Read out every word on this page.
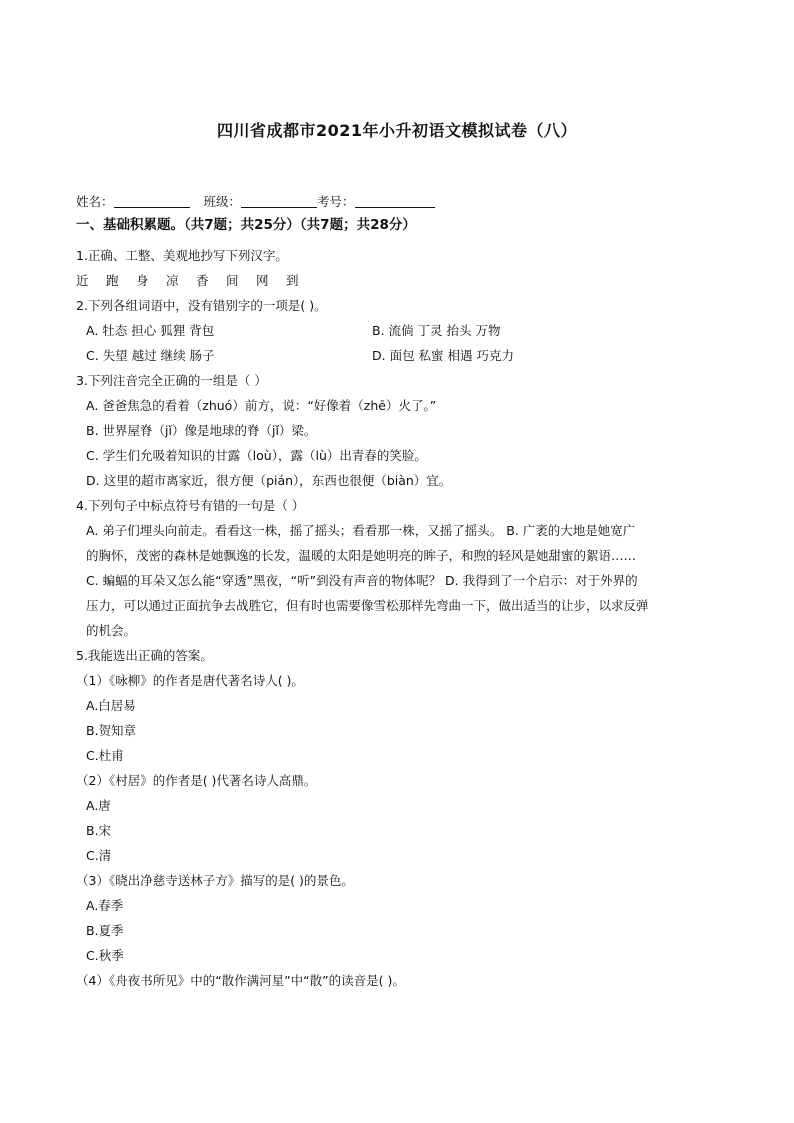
四川省成都市2021年小升初语文模拟试卷（八）
姓名：	班级：	考号：
一、基础积累题。（共7题；共25分）（共7题；共28分）
1.正确、工整、美观地抄写下列汉字。
近 跑 身 凉 香 间 网 到
2.下列各组词语中，没有错别字的一项是( )。
A. 牡态 担心 狐狸 背包	B. 流倘 丁灵 抬头 万物
C. 失望 越过 继续 肠子	D. 面包 私蜜 相遇 巧克力
3.下列注音完全正确的一组是（ ）
A. 爸爸焦急的看着（zhuó）前方，说：“好像着（zhē）火了。”
B. 世界屋脊（jǐ）像是地球的脊（jǐ）梁。
C. 学生们允吸着知识的甘露（loù），露（lù）出青春的笑脸。
D. 这里的超市离家近，很方便（pián），东西也很便（biàn）宜。
4.下列句子中标点符号有错的一句是（ ）
A. 弟子们埋头向前走。看看这一株，摇了摇头；看看那一株，又摇了摇头。 B. 广袤的大地是她宽广
的胸怀，茂密的森林是她飘逸的长发，温暖的太阳是她明亮的眸子，和煦的轻风是她甜蜜的絮语……
C. 蝙蝠的耳朵又怎么能“穿透”黑夜，“听”到没有声音的物体呢？ D. 我得到了一个启示：对于外界的
压力，可以通过正面抗争去战胜它，但有时也需要像雪松那样先弯曲一下，做出适当的让步，以求反弹
的机会。
5.我能选出正确的答案。
（1）《咏柳》的作者是唐代著名诗人( )。
A.白居易
B.贺知章
C.杜甫
（2）《村居》的作者是( )代著名诗人高鼎。
A.唐
B.宋
C.清
（3）《晓出净慈寺送林子方》描写的是( )的景色。
A.春季
B.夏季
C.秋季
（4）《舟夜书所见》中的“散作满河星”中“散”的读音是( )。
